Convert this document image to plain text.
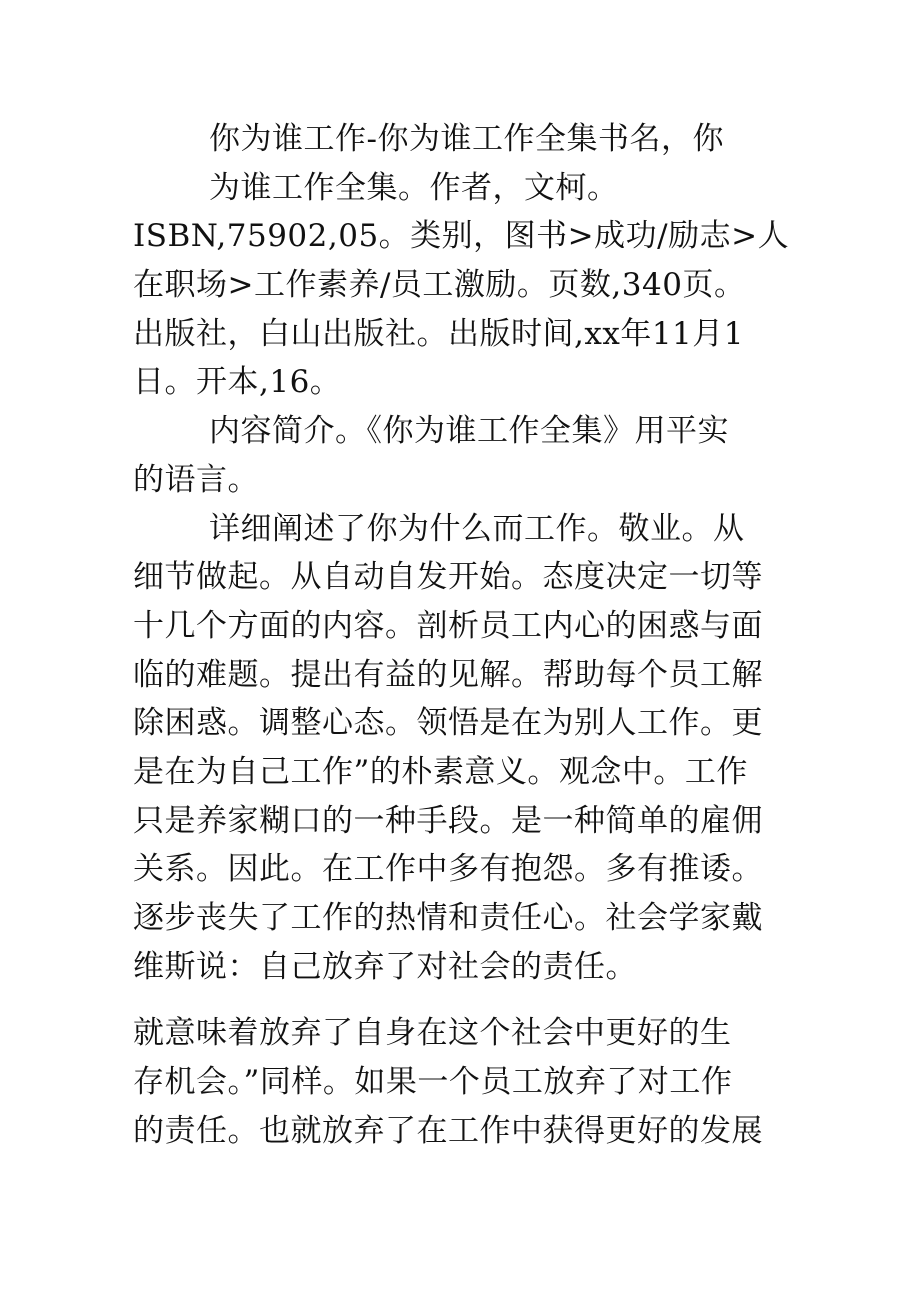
你为谁工作-你为谁工作全集书名，你
为谁工作全集。作者，文柯。
ISBN,75902,05。类别，图书>成功/励志>人
在职场>工作素养/员工激励。页数,340页。
出版社，白山出版社。出版时间,xx年11月1
日。开本,16。
内容简介。《你为谁工作全集》用平实
的语言。
详细阐述了你为什么而工作。敬业。从
细节做起。从自动自发开始。态度决定一切等
十几个方面的内容。剖析员工内心的困惑与面
临的难题。提出有益的见解。帮助每个员工解
除困惑。调整心态。领悟是在为别人工作。更
是在为自己工作”的朴素意义。观念中。工作
只是养家糊口的一种手段。是一种简单的雇佣
关系。因此。在工作中多有抱怨。多有推诿。
逐步丧失了工作的热情和责任心。社会学家戴
维斯说：自己放弃了对社会的责任。
就意味着放弃了自身在这个社会中更好的生
存机会。”同样。如果一个员工放弃了对工作
的责任。也就放弃了在工作中获得更好的发展
